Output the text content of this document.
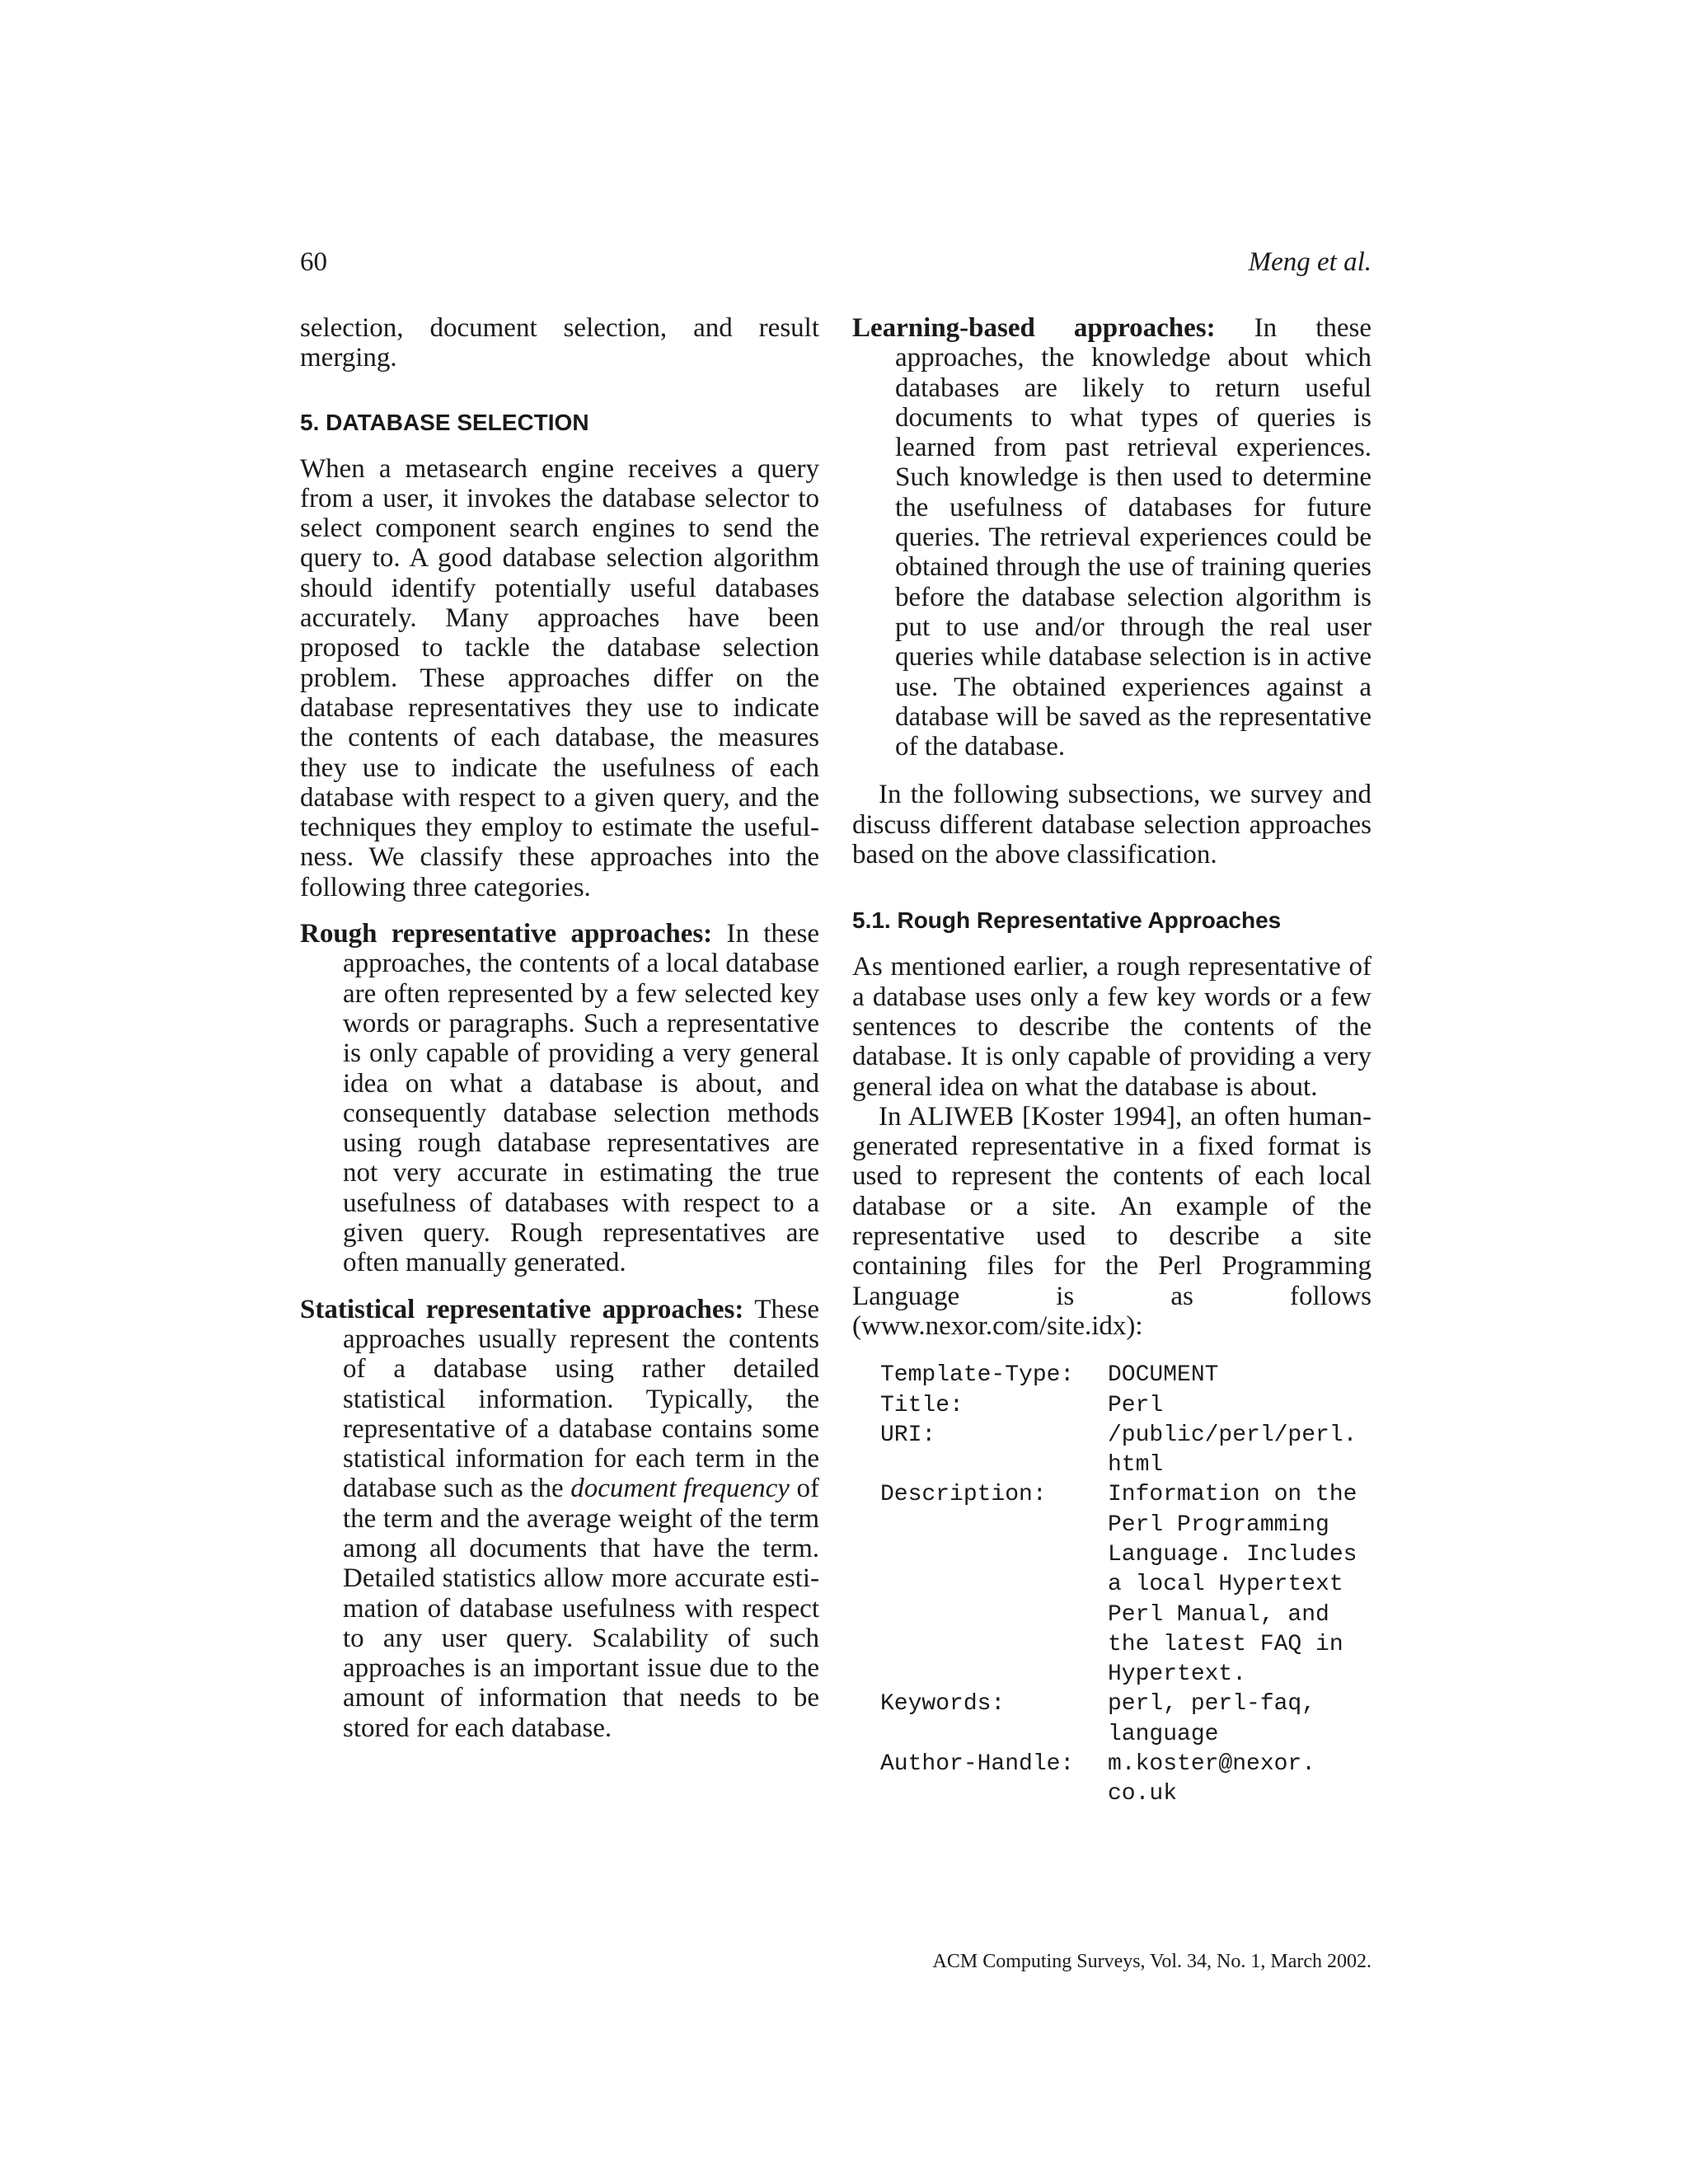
60	Meng et al.

selection, document selection, and result merging.

5. DATABASE SELECTION

When a metasearch engine receives a query from a user, it invokes the database selector to select component search engines to send the query to. A good database selection algorithm should identify potentially useful databases accurately. Many approaches have been proposed to tackle the database selection problem. These approaches differ on the database representatives they use to indicate the contents of each database, the measures they use to indicate the usefulness of each database with respect to a given query, and the techniques they employ to estimate the usefulness. We classify these approaches into the following three categories.

Rough representative approaches: In these approaches, the contents of a local database are often represented by a few selected key words or paragraphs. Such a representative is only capable of providing a very general idea on what a database is about, and consequently database selection methods using rough database representatives are not very accurate in estimating the true usefulness of databases with respect to a given query. Rough representatives are often manually generated.

Statistical representative approaches: These approaches usually represent the contents of a database using rather detailed statistical information. Typically, the representative of a database contains some statistical information for each term in the database such as the document frequency of the term and the average weight of the term among all documents that have the term. Detailed statistics allow more accurate estimation of database usefulness with respect to any user query. Scalability of such approaches is an important issue due to the amount of information that needs to be stored for each database.

Learning-based approaches: In these approaches, the knowledge about which databases are likely to return useful documents to what types of queries is learned from past retrieval experiences. Such knowledge is then used to determine the usefulness of databases for future queries. The retrieval experiences could be obtained through the use of training queries before the database selection algorithm is put to use and/or through the real user queries while database selection is in active use. The obtained experiences against a database will be saved as the representative of the database.

In the following subsections, we survey and discuss different database selection approaches based on the above classification.

5.1. Rough Representative Approaches

As mentioned earlier, a rough representative of a database uses only a few key words or a few sentences to describe the contents of the database. It is only capable of providing a very general idea on what the database is about.

In ALIWEB [Koster 1994], an often human-generated representative in a fixed format is used to represent the contents of each local database or a site. An example of the representative used to describe a site containing files for the Perl Programming Language is as follows (www.nexor.com/site.idx):

Template-Type:	DOCUMENT
Title:	Perl
URI:	/public/perl/perl.
html
Description:	Information on the
Perl Programming
Language. Includes
a local Hypertext
Perl Manual, and
the latest FAQ in
Hypertext.
Keywords:	perl, perl-faq,
language
Author-Handle:	m.koster@nexor.
co.uk
ACM Computing Surveys, Vol. 34, No. 1, March 2002.
